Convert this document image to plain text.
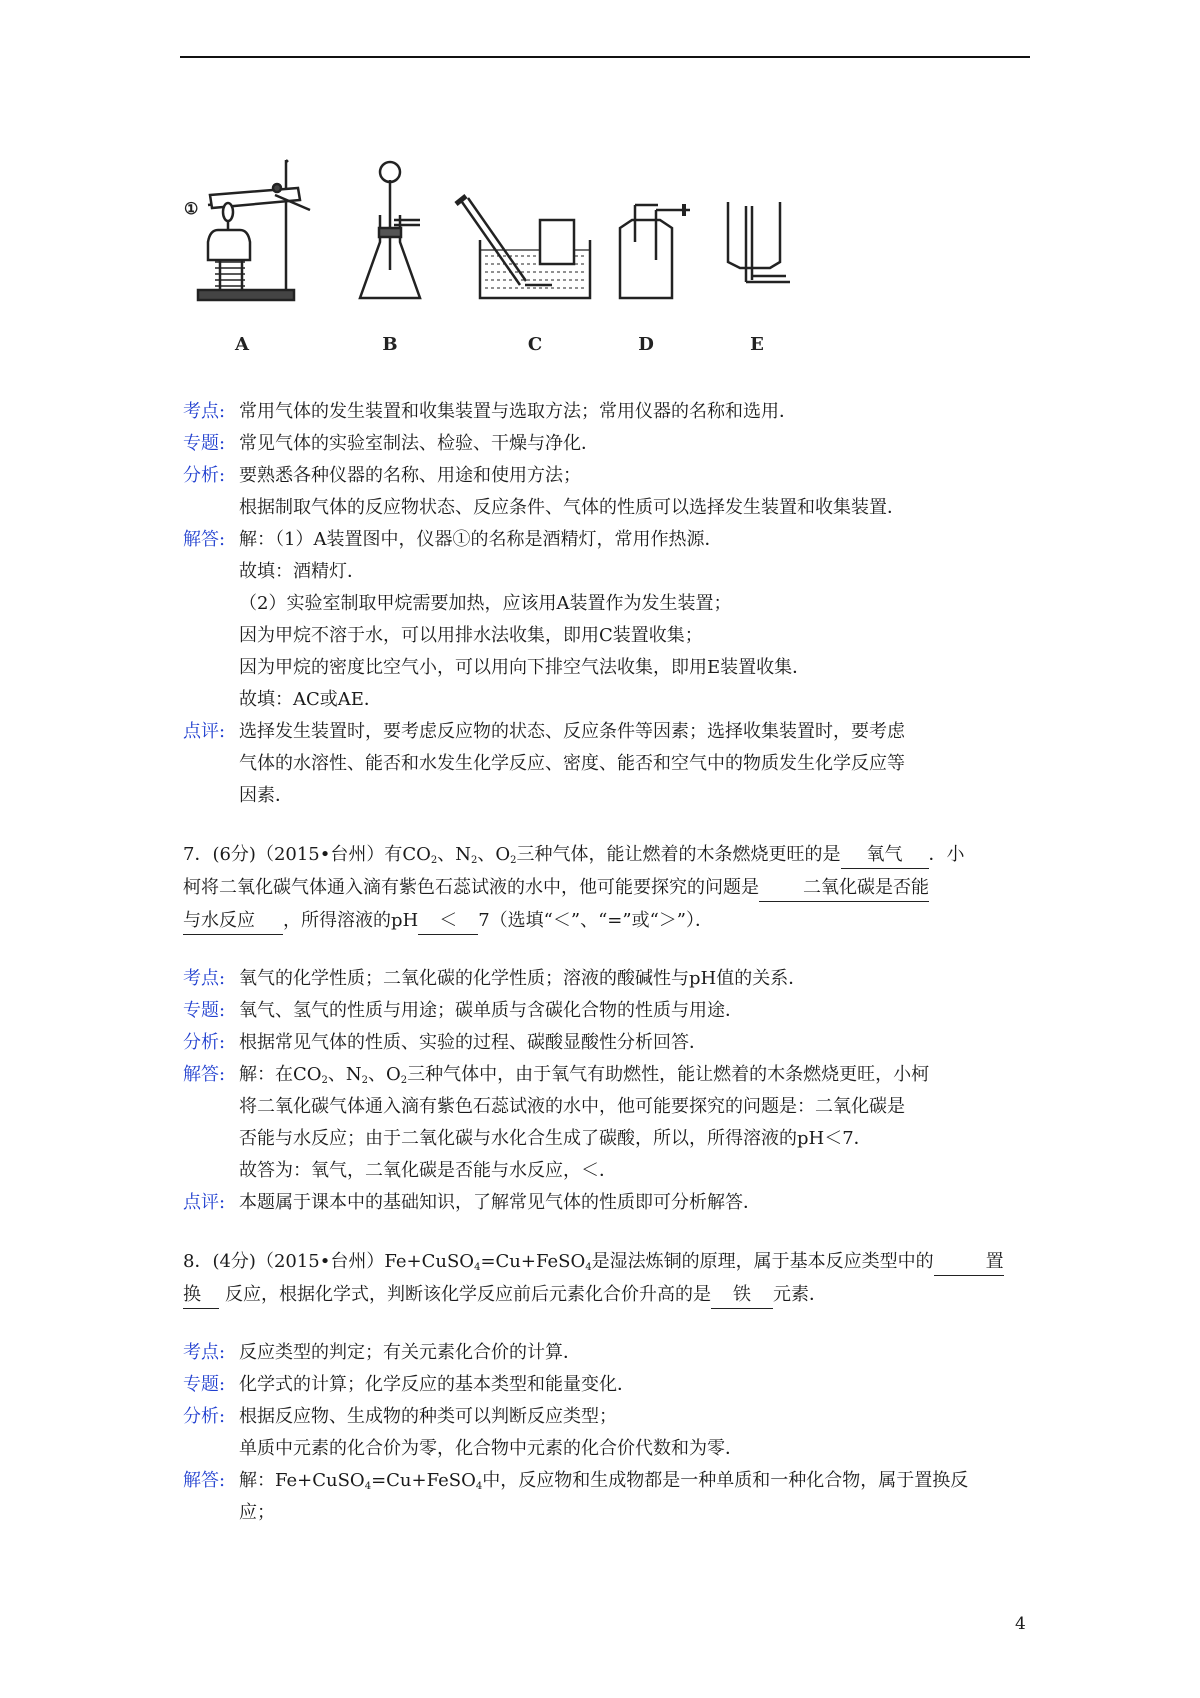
A	B	C	D	E
①
考点: 常用气体的发生装置和收集装置与选取方法；常用仪器的名称和选用．
专题: 常见气体的实验室制法、检验、干燥与净化．
分析: 要熟悉各种仪器的名称、用途和使用方法；
根据制取气体的反应物状态、反应条件、气体的性质可以选择发生装置和收集装置．
解答: 解：（1）A装置图中，仪器①的名称是酒精灯，常用作热源．
故填：酒精灯．
（2）实验室制取甲烷需要加热，应该用A装置作为发生装置；
因为甲烷不溶于水，可以用排水法收集，即用C装置收集；
因为甲烷的密度比空气小，可以用向下排空气法收集，即用E装置收集．
故填：AC或AE．
点评: 选择发生装置时，要考虑反应物的状态、反应条件等因素；选择收集装置时，要考虑
气体的水溶性、能否和水发生化学反应、密度、能否和空气中的物质发生化学反应等
因素．
7．(6分)（2015•台州）有$CO_2$、$N_2$、$O_2$三种气体，能让燃着的木条燃烧更旺的是 氧气 ．小
柯将二氧化碳气体通入滴有紫色石蕊试液的水中，他可能要探究的问题是 二氧化碳是否能
与水反应 ，所得溶液的pH ＜ 7（选填“＜”、“=”或“＞”）．
考点: 氧气的化学性质；二氧化碳的化学性质；溶液的酸碱性与pH值的关系．
专题: 氧气、氢气的性质与用途；碳单质与含碳化合物的性质与用途．
分析: 根据常见气体的性质、实验的过程、碳酸显酸性分析回答．
解答: 解：在$CO_2$、$N_2$、$O_2$三种气体中，由于氧气有助燃性，能让燃着的木条燃烧更旺，小柯
将二氧化碳气体通入滴有紫色石蕊试液的水中，他可能要探究的问题是：二氧化碳是
否能与水反应；由于二氧化碳与水化合生成了碳酸，所以，所得溶液的pH＜7．
故答为：氧气，二氧化碳是否能与水反应，＜．
点评: 本题属于课本中的基础知识，了解常见气体的性质即可分析解答．
8．(4分)（2015•台州）Fe+CuSO$_4$=Cu+FeSO$_4$是湿法炼铜的原理，属于基本反应类型中的	置
换 反应，根据化学式，判断该化学反应前后元素化合价升高的是 铁 元素．
考点: 反应类型的判定；有关元素化合价的计算．
专题: 化学式的计算；化学反应的基本类型和能量变化．
分析: 根据反应物、生成物的种类可以判断反应类型；
单质中元素的化合价为零，化合物中元素的化合价代数和为零．
解答: 解：Fe+CuSO$_4$=Cu+FeSO$_4$中，反应物和生成物都是一种单质和一种化合物，属于置换反
应；
4
